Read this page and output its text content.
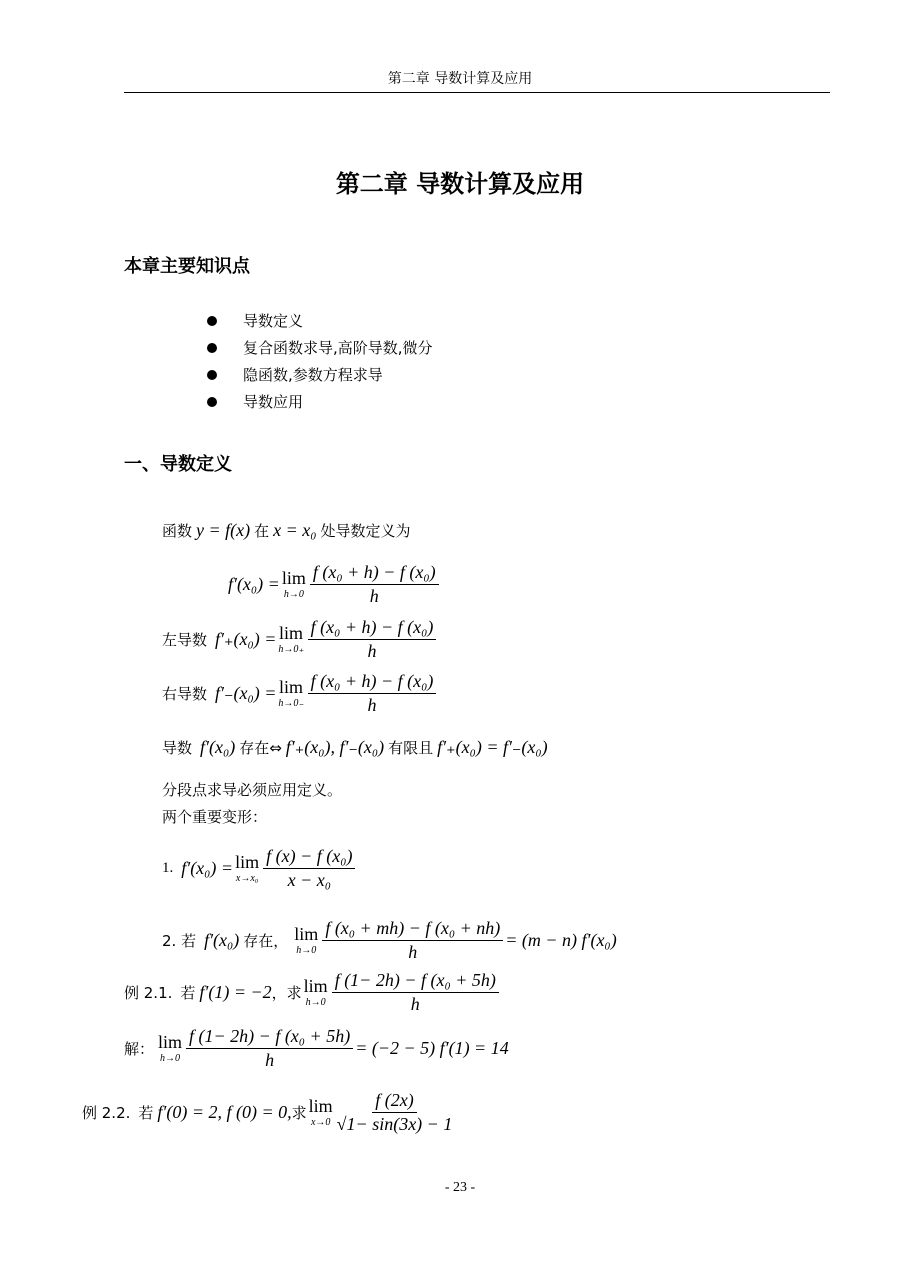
第二章 导数计算及应用
第二章 导数计算及应用
本章主要知识点
导数定义
复合函数求导,高阶导数,微分
隐函数,参数方程求导
导数应用
一、导数定义
函数 y = f(x) 在 x = x₀ 处导数定义为
f′(x₀) = lim
$h\to 0 \frac{\text{f (x₀ + h) − f (x₀)}}{h}$
左导数 f′₊(x₀) = lim
$h\to 0_+ \frac{\text{f (x₀ + h) − f (x₀)}}{h}$
右导数 f′₋(x₀) = lim
$h\to 0_- \frac{\text{f (x₀ + h) − f (x₀)}}{h}$
导数 f′(x₀) 存在⇔ f′₊(x₀), f′₋(x₀) 有限且 f′₊(x₀) = f′₋(x₀)
分段点求导必须应用定义。
两个重要变形：
1. f′(x₀) = lim
$x\to x_0 \frac{\text{f (x) − f (x₀)}}{\text{x − x₀}}$
2. 若 f′(x₀) 存在， lim
$h\to 0 \frac{\text{f (x₀ + mh) − f (x₀ + nh)}}{h} = (m - n)$ f′(x₀)
例 2.1. 若 f′(1) = −2 ，求 lim
$h\to 0 \frac{\text{f (1− 2h) − f (x₀ + 5h)}}{h}$
解： lim
$h\to 0 \frac{\text{f (1− 2h) − f (x₀ + 5h)}}{h} = (-2 - 5) f'(1) = 14$
例 2.2. 若 f′(0) = 2, f (0) = 0, 求 lim
$x\to 0 \frac{f (2x)}{√1- \sin(3x) - 1}$
- 23 -
